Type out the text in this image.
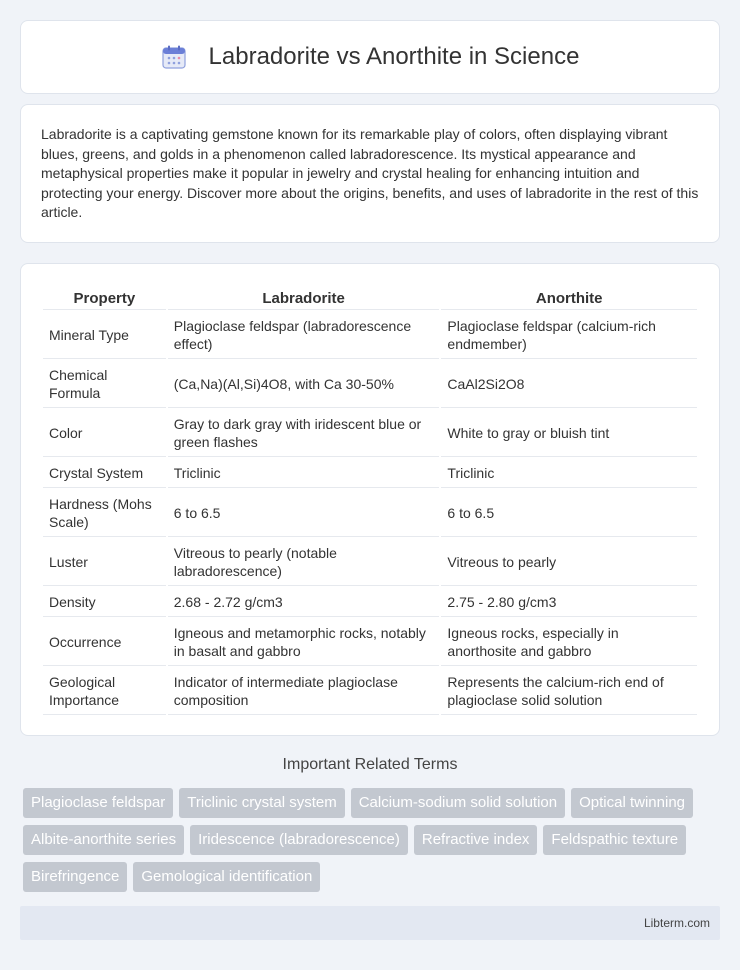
Labradorite vs Anorthite in Science

Labradorite is a captivating gemstone known for its remarkable play of colors, often displaying vibrant blues, greens, and golds in a phenomenon called labradorescence. Its mystical appearance and metaphysical properties make it popular in jewelry and crystal healing for enhancing intuition and protecting your energy. Discover more about the origins, benefits, and uses of labradorite in the rest of this article.

Property	Labradorite	Anorthite
Mineral Type	Plagioclase feldspar (labradorescence effect)	Plagioclase feldspar (calcium-rich endmember)
Chemical Formula	(Ca,Na)(Al,Si)4O8, with Ca 30-50%	CaAl2Si2O8
Color	Gray to dark gray with iridescent blue or green flashes	White to gray or bluish tint
Crystal System	Triclinic	Triclinic
Hardness (Mohs Scale)	6 to 6.5	6 to 6.5
Luster	Vitreous to pearly (notable labradorescence)	Vitreous to pearly
Density	2.68 - 2.72 g/cm3	2.75 - 2.80 g/cm3
Occurrence	Igneous and metamorphic rocks, notably in basalt and gabbro	Igneous rocks, especially in anorthosite and gabbro
Geological Importance	Indicator of intermediate plagioclase composition	Represents the calcium-rich end of plagioclase solid solution
Important Related Terms
Plagioclase feldspar	Triclinic crystal system	Calcium-sodium solid solution	Optical twinning
Albite-anorthite series	Iridescence (labradorescence)	Refractive index	Feldspathic texture
Birefringence	Gemological identification
Libterm.com
